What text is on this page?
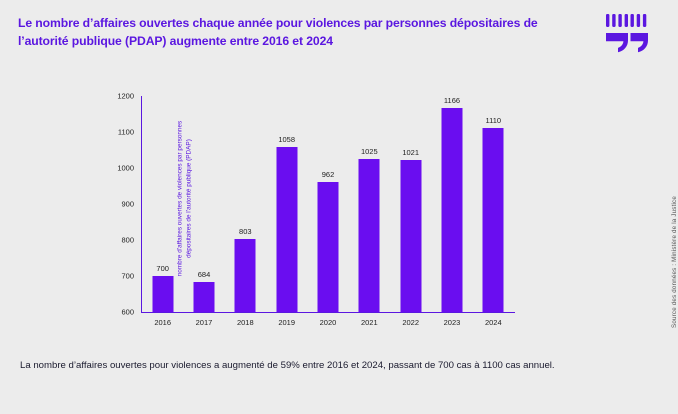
Le nombre d’affaires ouvertes chaque année pour violences par personnes dépositaires de l’autorité publique (PDAP) augmente entre 2016 et 2024
nombre d’affaires ouvertes de violences par personnes dépositaires de l’autorité publique (PDAP)
600
700
800
900
1000
1100
1200
700
684
803
1058
962
1025	1021
1166
1110
2016	2017	2018	2019	2020	2021	2022	2023	2024
La nombre d’affaires ouvertes pour violences a augmenté de 59% entre 2016 et 2024, passant de 700 cas à 1100 cas annuel.
Source des données : Ministère de la Justice
